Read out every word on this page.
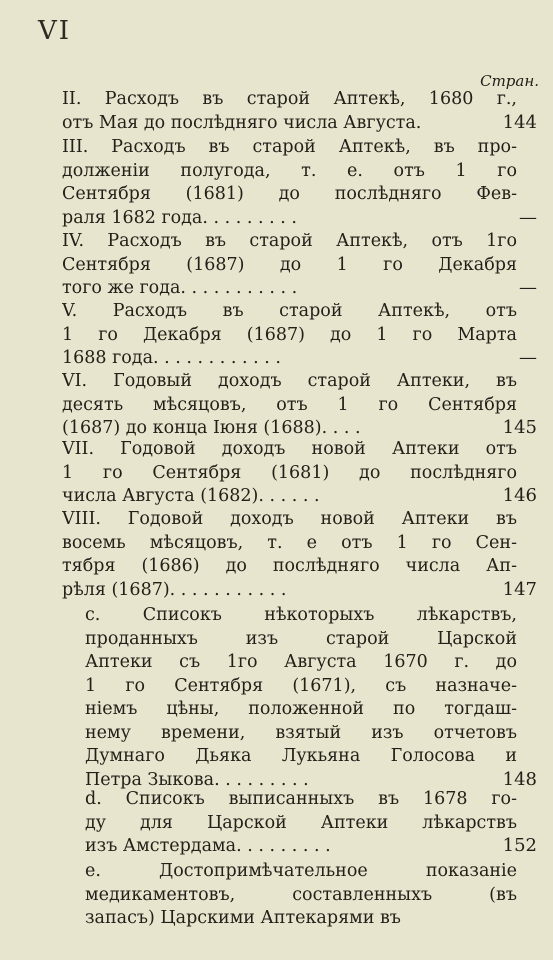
VI
Стран.
II. Расходъ въ старой Аптекѣ, 1680 г.,
отъ Мая до послѣдняго числа Августа.	144
III. Расходъ въ старой Аптекѣ, въ про-
долженіи полугода, т. е. отъ 1 го
Сентября (1681) до послѣдняго Фев-
раля 1682 года. . . . . . . . .	—
IV. Расходъ въ старой Аптекѣ, отъ 1го
Сентября (1687) до 1 го Декабря
того же года. . . . . . . . . . .	—
V. Расходъ въ старой Аптекѣ, отъ
1 го Декабря (1687) до 1 го Марта
1688 года. . . . . . . . . . . .	—
VI. Годовый доходъ старой Аптеки, въ
десять мѣсяцовъ, отъ 1 го Сентября
(1687) до конца Іюня (1688). . . .	145
VII. Годовой доходъ новой Аптеки отъ
1 го Сентября (1681) до послѣдняго
числа Августа (1682). . . . . .	146
VIII. Годовой доходъ новой Аптеки въ
восемь мѣсяцовъ, т. е отъ 1 го Сен-
тября (1686) до послѣдняго числа Ап-
рѣля (1687). . . . . . . . . . .	147
c. Списокъ нѣкоторыхъ лѣкарствъ,
проданныхъ изъ старой Царской
Аптеки съ 1го Августа 1670 г. до
1 го Сентября (1671), съ назначе-
ніемъ цѣны, положенной по тогдаш-
нему времени, взятый изъ отчетовъ
Думнаго Дьяка Лукьяна Голосова и
Петра Зыкова. . . . . . . . .	148
d. Списокъ выписанныхъ въ 1678 го-
ду для Царской Аптеки лѣкарствъ
изъ Амстердама. . . . . . . . .	152
e. Достопримѣчательное показаніе
медикаментовъ, составленныхъ (въ
запасъ) Царскими Аптекарями въ
